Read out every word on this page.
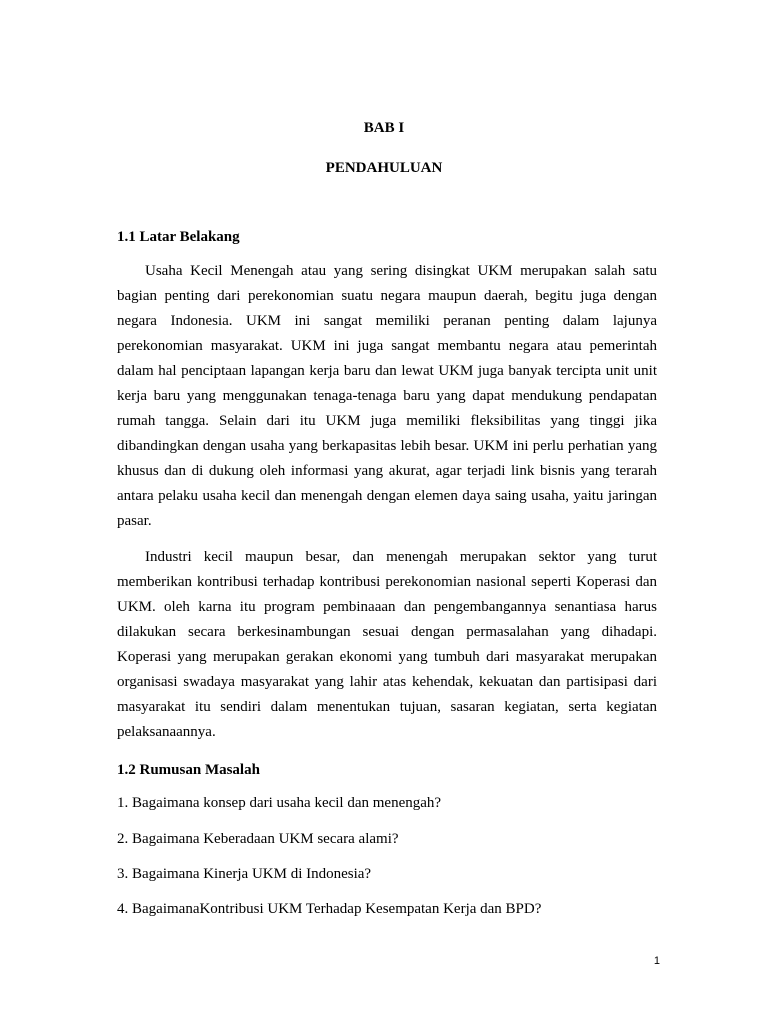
BAB I

PENDAHULUAN

1.1 Latar Belakang

Usaha Kecil Menengah atau yang sering disingkat UKM merupakan salah satu bagian penting dari perekonomian suatu negara maupun daerah, begitu juga dengan negara Indonesia. UKM ini sangat memiliki peranan penting dalam lajunya perekonomian masyarakat. UKM ini juga sangat membantu negara atau pemerintah dalam hal penciptaan lapangan kerja baru dan lewat UKM juga banyak tercipta unit unit kerja baru yang menggunakan tenaga-tenaga baru yang dapat mendukung pendapatan rumah tangga. Selain dari itu UKM juga memiliki fleksibilitas yang tinggi jika dibandingkan dengan usaha yang berkapasitas lebih besar. UKM ini perlu perhatian yang khusus dan di dukung oleh informasi yang akurat, agar terjadi link bisnis yang terarah antara pelaku usaha kecil dan menengah dengan elemen daya saing usaha, yaitu jaringan pasar.

Industri kecil maupun besar, dan menengah merupakan sektor yang turut memberikan kontribusi terhadap kontribusi perekonomian nasional seperti Koperasi dan UKM. oleh karna itu program pembinaaan dan pengembangannya senantiasa harus dilakukan secara berkesinambungan sesuai dengan permasalahan yang dihadapi. Koperasi yang merupakan gerakan ekonomi yang tumbuh dari masyarakat merupakan organisasi swadaya masyarakat yang lahir atas kehendak, kekuatan dan partisipasi dari masyarakat itu sendiri dalam menentukan tujuan, sasaran kegiatan, serta kegiatan pelaksanaannya.

1.2 Rumusan Masalah

1. Bagaimana konsep dari usaha kecil dan menengah?

2. Bagaimana Keberadaan UKM secara alami?

3. Bagaimana Kinerja UKM di Indonesia?

4. BagaimanaKontribusi UKM Terhadap Kesempatan Kerja dan BPD?

1
